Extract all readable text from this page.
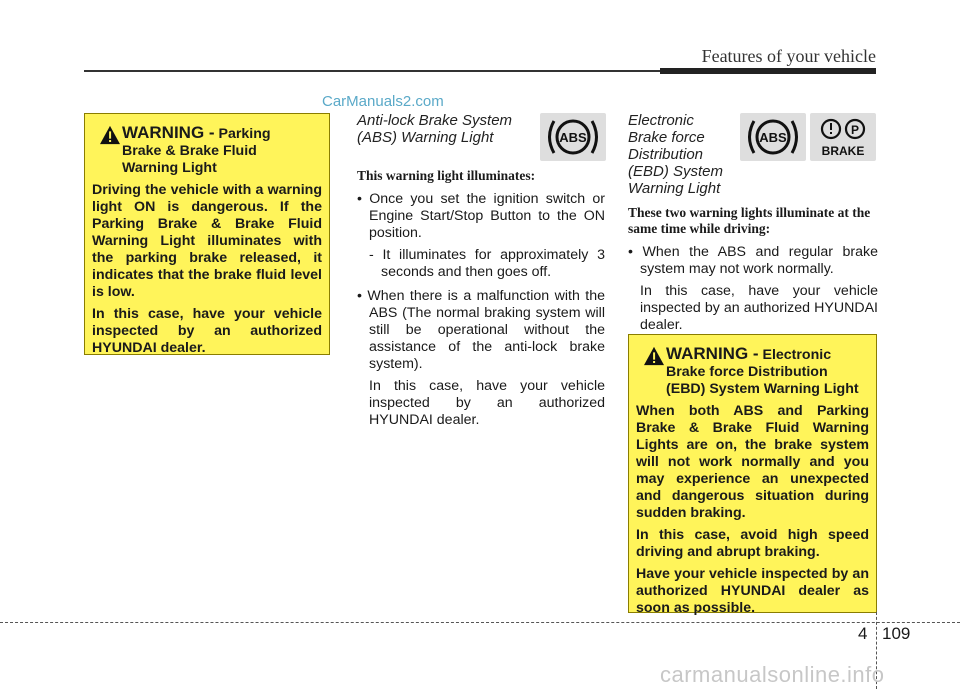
Features of your vehicle
CarManuals2.com
WARNING - Parking
Brake & Brake Fluid
Warning Light

Driving the vehicle with a warning light ON is dangerous. If the Parking Brake & Brake Fluid Warning Light illuminates with the parking brake released, it indicates that the brake fluid level is low.

In this case, have your vehicle inspected by an authorized HYUNDAI dealer.

Anti-lock Brake System
(ABS) Warning Light
This warning light illuminates:

• Once you set the ignition switch or Engine Start/Stop Button to the ON position.

- It illuminates for approximately 3 seconds and then goes off.

• When there is a malfunction with the ABS (The normal braking system will still be operational without the assistance of the anti-lock brake system).

In this case, have your vehicle inspected by an authorized HYUNDAI dealer.

ABS
Electronic
Brake force
Distribution
(EBD) System
Warning Light
These two warning lights illuminate at the same time while driving:

• When the ABS and regular brake system may not work normally.

In this case, have your vehicle inspected by an authorized HYUNDAI dealer.

ABS	P
BRAKE
WARNING - Electronic
Brake force Distribution
(EBD) System Warning Light

When both ABS and Parking Brake & Brake Fluid Warning Lights are on, the brake system will not work normally and you may experience an unexpected and dangerous situation during sudden braking.

In this case, avoid high speed driving and abrupt braking.

Have your vehicle inspected by an authorized HYUNDAI dealer as soon as possible.

4 109
carmanualsonline.info
